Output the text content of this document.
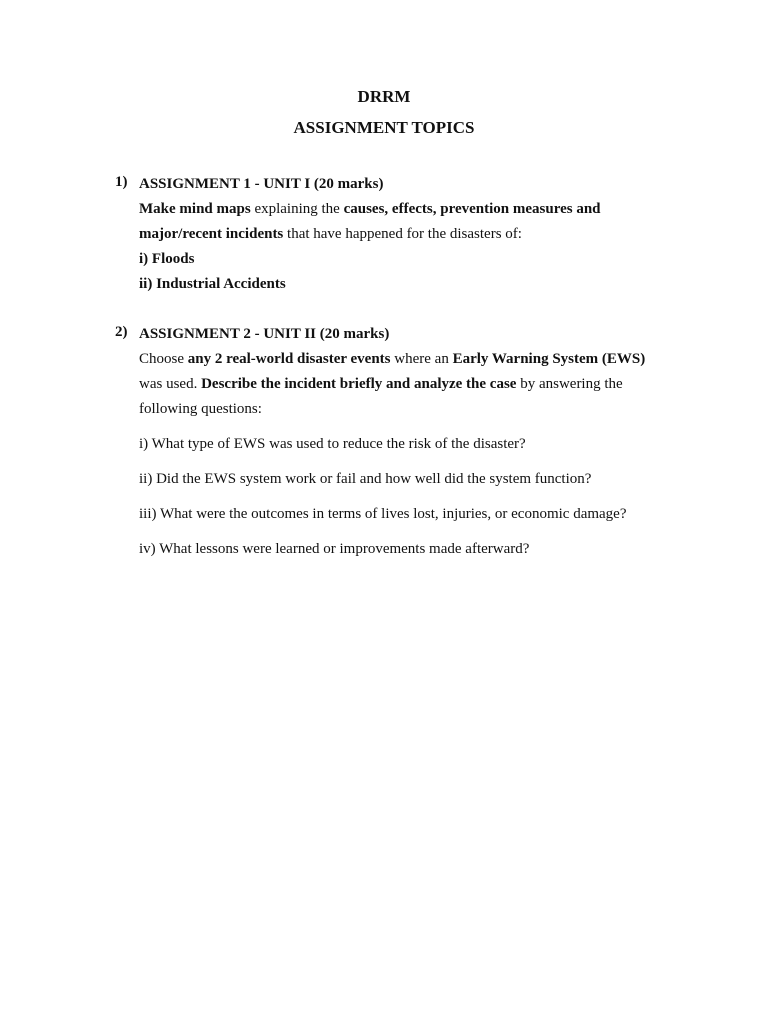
DRRM
ASSIGNMENT TOPICS
1) ASSIGNMENT 1 - UNIT I (20 marks)
Make mind maps explaining the causes, effects, prevention measures and
major/recent incidents that have happened for the disasters of:
i) Floods
ii) Industrial Accidents
2) ASSIGNMENT 2 - UNIT II (20 marks)
Choose any 2 real-world disaster events where an Early Warning System (EWS)
was used. Describe the incident briefly and analyze the case by answering the
following questions:
i) What type of EWS was used to reduce the risk of the disaster?
ii) Did the EWS system work or fail and how well did the system function?
iii) What were the outcomes in terms of lives lost, injuries, or economic damage?
iv) What lessons were learned or improvements made afterward?
